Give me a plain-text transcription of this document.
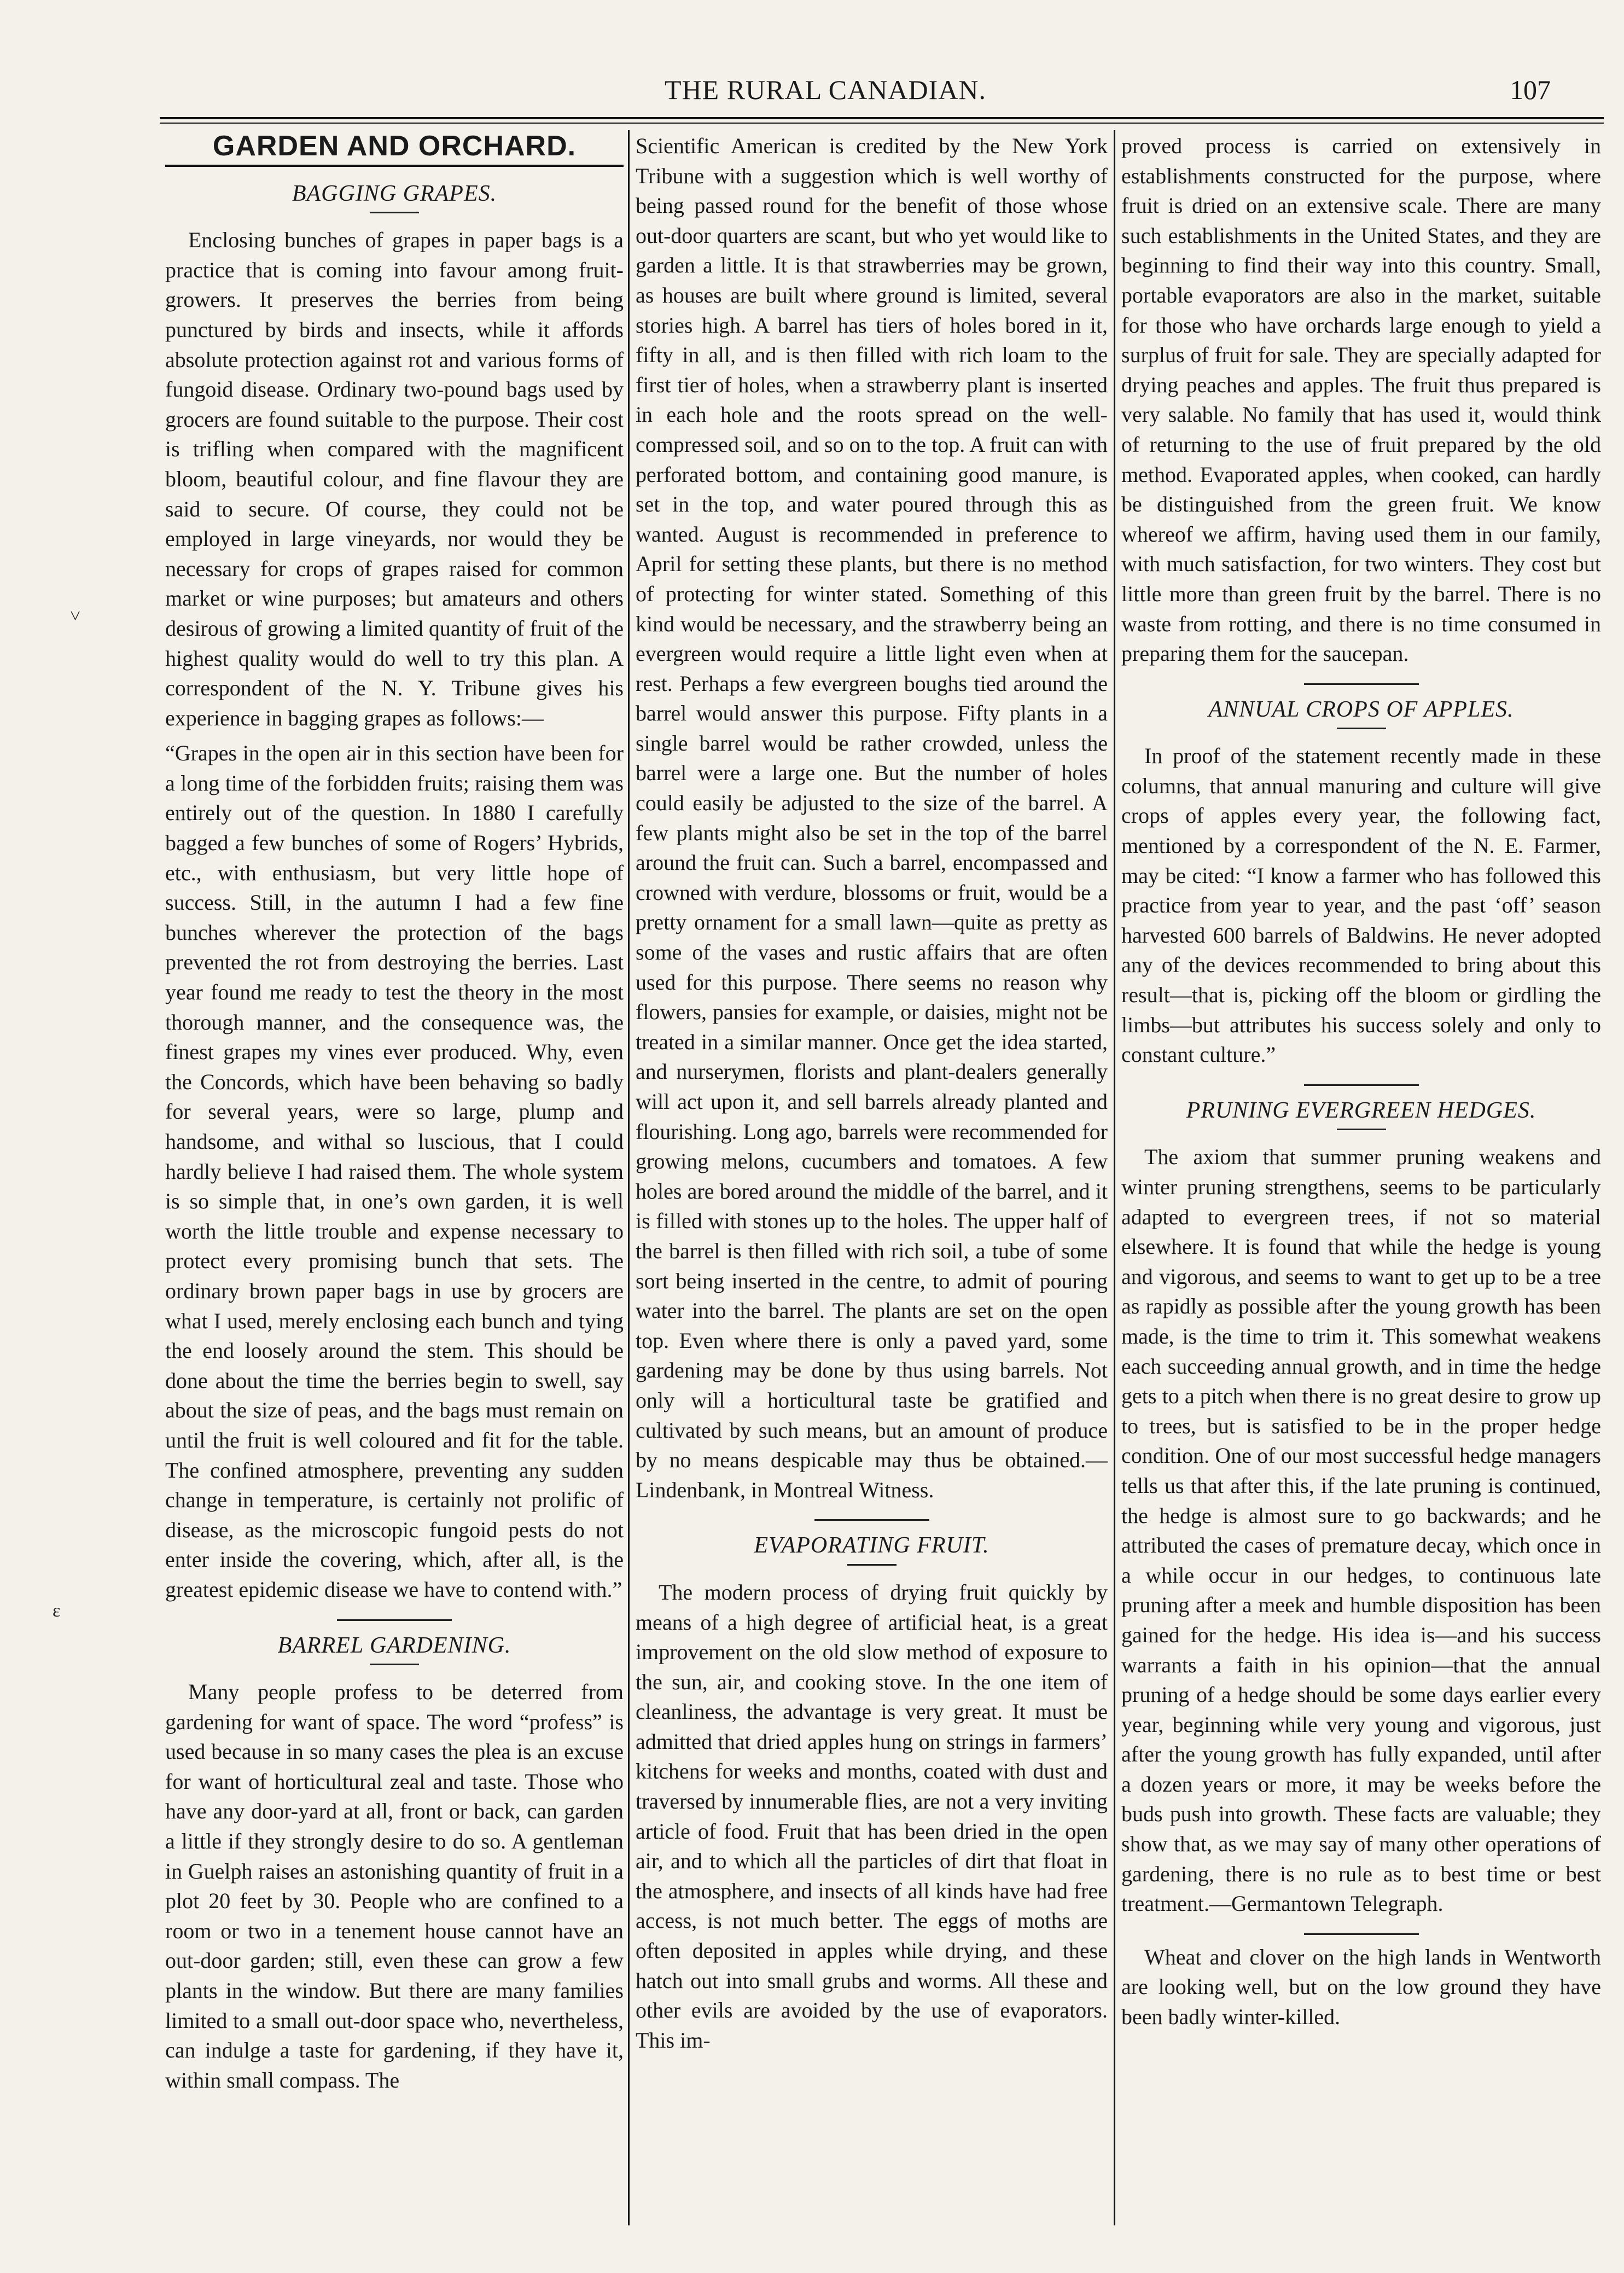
˅
ɛ
THE RURAL CANADIAN.	107
GARDEN AND ORCHARD.
BAGGING GRAPES.

Enclosing bunches of grapes in paper bags is a practice that is coming into favour among fruit-growers. It preserves the berries from being punctured by birds and insects, while it affords absolute protection against rot and various forms of fungoid disease. Ordinary two-pound bags used by grocers are found suitable to the purpose. Their cost is trifling when compared with the magnificent bloom, beautiful colour, and fine flavour they are said to secure. Of course, they could not be employed in large vineyards, nor would they be necessary for crops of grapes raised for common market or wine purposes; but amateurs and others desirous of growing a limited quantity of fruit of the highest quality would do well to try this plan. A correspondent of the N. Y. Tribune gives his experience in bagging grapes as follows:—

“Grapes in the open air in this section have been for a long time of the forbidden fruits; raising them was entirely out of the question. In 1880 I carefully bagged a few bunches of some of Rogers’ Hybrids, etc., with enthusiasm, but very little hope of success. Still, in the autumn I had a few fine bunches wherever the protection of the bags prevented the rot from destroying the berries. Last year found me ready to test the theory in the most thorough manner, and the consequence was, the finest grapes my vines ever produced. Why, even the Concords, which have been behaving so badly for several years, were so large, plump and handsome, and withal so luscious, that I could hardly believe I had raised them. The whole system is so simple that, in one’s own garden, it is well worth the little trouble and expense necessary to protect every promising bunch that sets. The ordinary brown paper bags in use by grocers are what I used, merely enclosing each bunch and tying the end loosely around the stem. This should be done about the time the berries begin to swell, say about the size of peas, and the bags must remain on until the fruit is well coloured and fit for the table. The confined atmosphere, preventing any sudden change in temperature, is certainly not prolific of disease, as the microscopic fungoid pests do not enter inside the covering, which, after all, is the greatest epidemic disease we have to contend with.”

BARREL GARDENING.

Many people profess to be deterred from gardening for want of space. The word “profess” is used because in so many cases the plea is an excuse for want of horticultural zeal and taste. Those who have any door-yard at all, front or back, can garden a little if they strongly desire to do so. A gentleman in Guelph raises an astonishing quantity of fruit in a plot 20 feet by 30. People who are confined to a room or two in a tenement house cannot have an out-door garden; still, even these can grow a few plants in the window. But there are many families limited to a small out-door space who, nevertheless, can indulge a taste for gardening, if they have it, within small compass. The

Scientific American is credited by the New York Tribune with a suggestion which is well worthy of being passed round for the benefit of those whose out-door quarters are scant, but who yet would like to garden a little. It is that strawberries may be grown, as houses are built where ground is limited, several stories high. A barrel has tiers of holes bored in it, fifty in all, and is then filled with rich loam to the first tier of holes, when a strawberry plant is inserted in each hole and the roots spread on the well-compressed soil, and so on to the top. A fruit can with perforated bottom, and containing good manure, is set in the top, and water poured through this as wanted. August is recommended in preference to April for setting these plants, but there is no method of protecting for winter stated. Something of this kind would be necessary, and the strawberry being an evergreen would require a little light even when at rest. Perhaps a few evergreen boughs tied around the barrel would answer this purpose. Fifty plants in a single barrel would be rather crowded, unless the barrel were a large one. But the number of holes could easily be adjusted to the size of the barrel. A few plants might also be set in the top of the barrel around the fruit can. Such a barrel, encompassed and crowned with verdure, blossoms or fruit, would be a pretty ornament for a small lawn—quite as pretty as some of the vases and rustic affairs that are often used for this purpose. There seems no reason why flowers, pansies for example, or daisies, might not be treated in a similar manner. Once get the idea started, and nurserymen, florists and plant-dealers generally will act upon it, and sell barrels already planted and flourishing. Long ago, barrels were recommended for growing melons, cucumbers and tomatoes. A few holes are bored around the middle of the barrel, and it is filled with stones up to the holes. The upper half of the barrel is then filled with rich soil, a tube of some sort being inserted in the centre, to admit of pouring water into the barrel. The plants are set on the open top. Even where there is only a paved yard, some gardening may be done by thus using barrels. Not only will a horticultural taste be gratified and cultivated by such means, but an amount of produce by no means despicable may thus be obtained.—Lindenbank, in Montreal Witness.

EVAPORATING FRUIT.

The modern process of drying fruit quickly by means of a high degree of artificial heat, is a great improvement on the old slow method of exposure to the sun, air, and cooking stove. In the one item of cleanliness, the advantage is very great. It must be admitted that dried apples hung on strings in farmers’ kitchens for weeks and months, coated with dust and traversed by innumerable flies, are not a very inviting article of food. Fruit that has been dried in the open air, and to which all the particles of dirt that float in the atmosphere, and insects of all kinds have had free access, is not much better. The eggs of moths are often deposited in apples while drying, and these hatch out into small grubs and worms. All these and other evils are avoided by the use of evaporators. This im-

proved process is carried on extensively in establishments constructed for the purpose, where fruit is dried on an extensive scale. There are many such establishments in the United States, and they are beginning to find their way into this country. Small, portable evaporators are also in the market, suitable for those who have orchards large enough to yield a surplus of fruit for sale. They are specially adapted for drying peaches and apples. The fruit thus prepared is very salable. No family that has used it, would think of returning to the use of fruit prepared by the old method. Evaporated apples, when cooked, can hardly be distinguished from the green fruit. We know whereof we affirm, having used them in our family, with much satisfaction, for two winters. They cost but little more than green fruit by the barrel. There is no waste from rotting, and there is no time consumed in preparing them for the saucepan.

ANNUAL CROPS OF APPLES.

In proof of the statement recently made in these columns, that annual manuring and culture will give crops of apples every year, the following fact, mentioned by a correspondent of the N. E. Farmer, may be cited: “I know a farmer who has followed this practice from year to year, and the past ‘off’ season harvested 600 barrels of Baldwins. He never adopted any of the devices recommended to bring about this result—that is, picking off the bloom or girdling the limbs—but attributes his success solely and only to constant culture.”

PRUNING EVERGREEN HEDGES.

The axiom that summer pruning weakens and winter pruning strengthens, seems to be particularly adapted to evergreen trees, if not so material elsewhere. It is found that while the hedge is young and vigorous, and seems to want to get up to be a tree as rapidly as possible after the young growth has been made, is the time to trim it. This somewhat weakens each succeeding annual growth, and in time the hedge gets to a pitch when there is no great desire to grow up to trees, but is satisfied to be in the proper hedge condition. One of our most successful hedge managers tells us that after this, if the late pruning is continued, the hedge is almost sure to go backwards; and he attributed the cases of premature decay, which once in a while occur in our hedges, to continuous late pruning after a meek and humble disposition has been gained for the hedge. His idea is—and his success warrants a faith in his opinion—that the annual pruning of a hedge should be some days earlier every year, beginning while very young and vigorous, just after the young growth has fully expanded, until after a dozen years or more, it may be weeks before the buds push into growth. These facts are valuable; they show that, as we may say of many other operations of gardening, there is no rule as to best time or best treatment.—Germantown Telegraph.

Wheat and clover on the high lands in Wentworth are looking well, but on the low ground they have been badly winter-killed.
